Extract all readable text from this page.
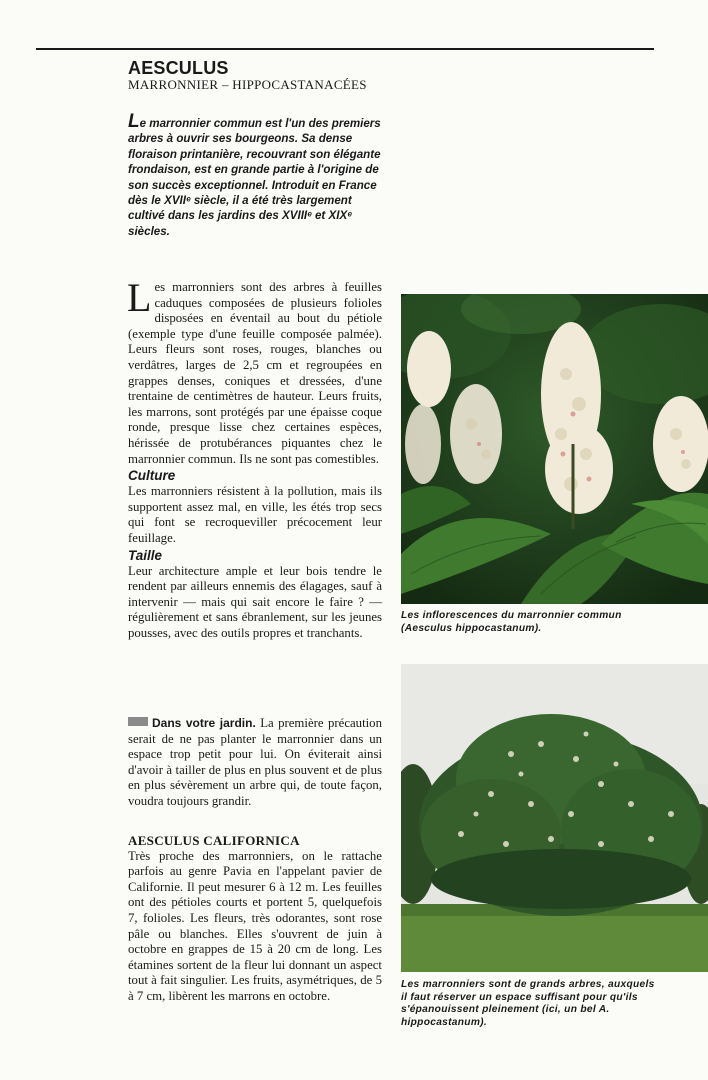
AESCULUS
MARRONNIER – HIPPOCASTANACÉES
Le marronnier commun est l'un des premiers arbres à ouvrir ses bourgeons. Sa dense floraison printanière, recouvrant son élégante frondaison, est en grande partie à l'origine de son succès exceptionnel. Introduit en France dès le XVIIᵉ siècle, il a été très largement cultivé dans les jardins des XVIIIᵉ et XIXᵉ siècles.

Les marronniers sont des arbres à feuilles caduques composées de plusieurs folioles disposées en éventail au bout du pétiole (exemple type d'une feuille composée palmée). Leurs fleurs sont roses, rouges, blanches ou verdâtres, larges de 2,5 cm et regroupées en grappes denses, coniques et dressées, d'une trentaine de centimètres de hauteur. Leurs fruits, les marrons, sont protégés par une épaisse coque ronde, presque lisse chez certaines espèces, hérissée de protubérances piquantes chez le marronnier commun. Ils ne sont pas comestibles.

Culture

Les marronniers résistent à la pollution, mais ils supportent assez mal, en ville, les étés trop secs qui font se recroqueviller précocement leur feuillage.

Taille

Leur architecture ample et leur bois tendre le rendent par ailleurs ennemis des élagages, sauf à intervenir — mais qui sait encore le faire ? — régulièrement et sans ébranlement, sur les jeunes pousses, avec des outils propres et tranchants.

Dans votre jardin. La première précaution serait de ne pas planter le marronnier dans un espace trop petit pour lui. On éviterait ainsi d'avoir à tailler de plus en plus souvent et de plus en plus sévèrement un arbre qui, de toute façon, voudra toujours grandir.

AESCULUS CALIFORNICA

Très proche des marronniers, on le rattache parfois au genre Pavia en l'appelant pavier de Californie. Il peut mesurer 6 à 12 m. Les feuilles ont des pétioles courts et portent 5, quelquefois 7, folioles. Les fleurs, très odorantes, sont rose pâle ou blanches. Elles s'ouvrent de juin à octobre en grappes de 15 à 20 cm de long. Les étamines sortent de la fleur lui donnant un aspect tout à fait singulier. Les fruits, asymétriques, de 5 à 7 cm, libèrent les marrons en octobre.

Les inflorescences du marronnier commun (Aesculus hippocastanum).
Les marronniers sont de grands arbres, auxquels il faut réserver un espace suffisant pour qu'ils s'épanouissent pleinement (ici, un bel A. hippocastanum).
